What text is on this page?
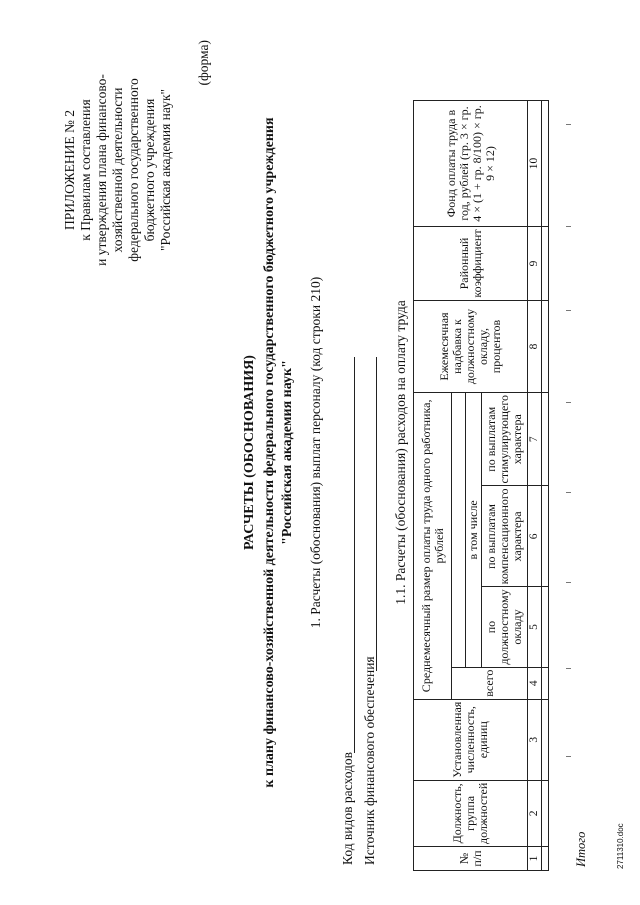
ПРИЛОЖЕНИЕ № 2 к Правилам составления и утверждения плана финансово- хозяйственной деятельности федерального государственного бюджетного учреждения "Российская академия наук"
(форма)
РАСЧЕТЫ (ОБОСНОВАНИЯ) к плану финансово-хозяйственной деятельности федерального государственного бюджетного учреждения "Российская академия наук" 1. Расчеты (обоснования) выплат персоналу (код строки 210)
Код видов расходов Источник финансового обеспечения
1.1. Расчеты (обоснования) расходов на оплату труда
№ п/п	Должность, группа должностей	Установленная численность, единиц	Среднемесячный размер оплаты труда одного работника, рублей				Ежемесячная надбавка к должностному окладу, процентов	Районный коэффициент	Фонд оплаты труда в год, рублей (гр. 3 × гр. 4 × (1 + гр. 8/100) × гр. 9 × 12)
			всего						
				в том числе					
				по должностному окладу	по выплатам компенсационного характера	по выплатам стимулирующего характера			
1	2	3	4	5	6	7	8	9	10

Итого	2711310.doc
